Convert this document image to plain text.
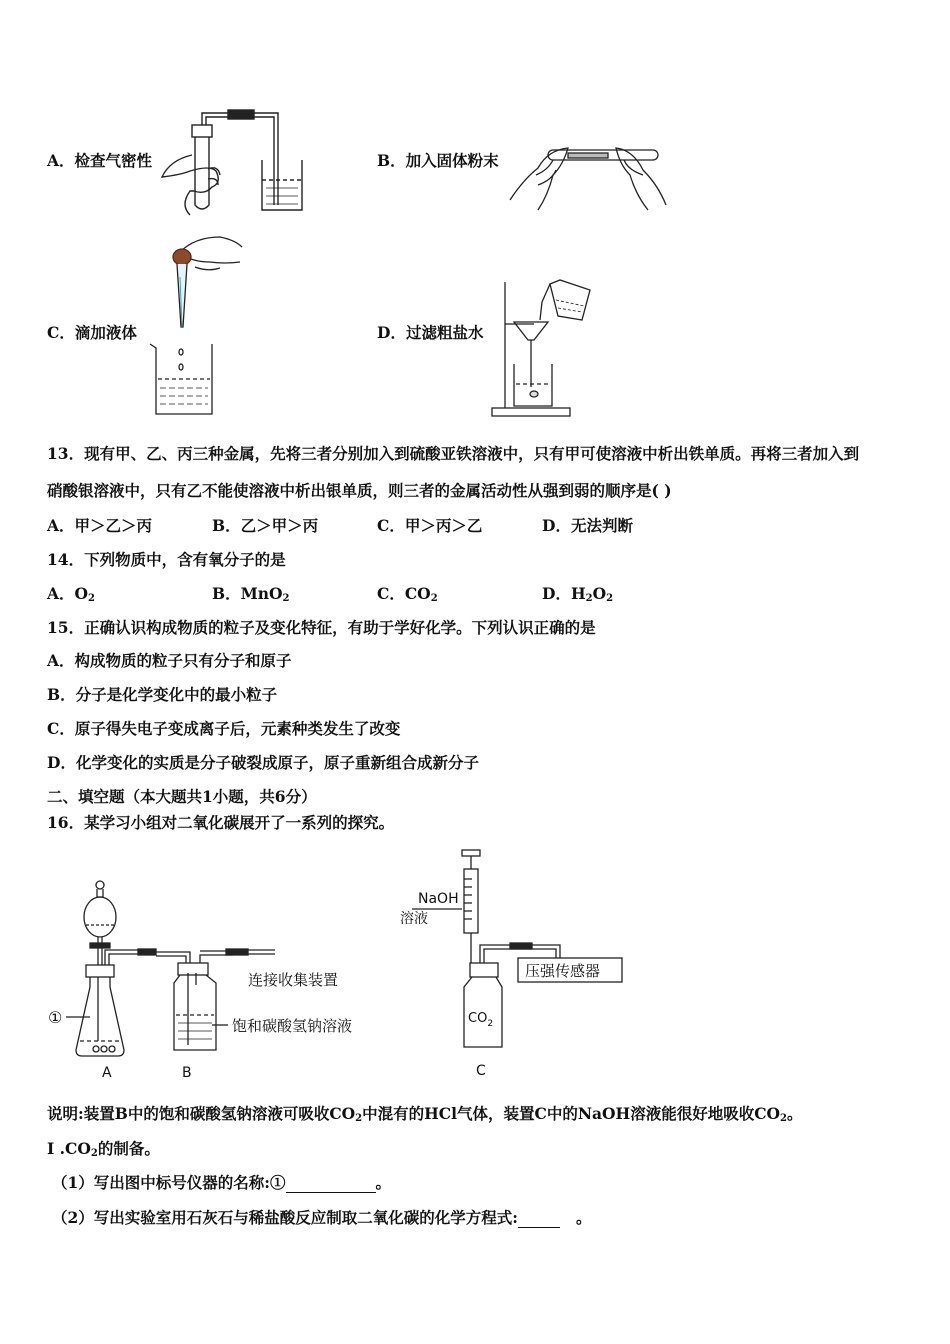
A．检查气密性	B．加入固体粉末
C．滴加液体	D．过滤粗盐水
13．现有甲、乙、丙三种金属，先将三者分别加入到硫酸亚铁溶液中，只有甲可使溶液中析出铁单质。再将三者加入到
硝酸银溶液中，只有乙不能使溶液中析出银单质，则三者的金属活动性从强到弱的顺序是( )
A．甲＞乙＞丙	B．乙＞甲＞丙	C．甲＞丙＞乙	D．无法判断
14．下列物质中，含有氧分子的是
A．$O_2$	B．MnO$_2$	C．$CO_2$	D．$H_2O_2$
15．正确认识构成物质的粒子及变化特征，有助于学好化学。下列认识正确的是
A．构成物质的粒子只有分子和原子
B．分子是化学变化中的最小粒子
C．原子得失电子变成离子后，元素种类发生了改变
D．化学变化的实质是分子破裂成原子，原子重新组合成新分子
二、填空题（本大题共1小题，共6分）
16．某学习小组对二氧化碳展开了一系列的探究。
①
A	B	C
连接收集装置
饱和碳酸氢钠溶液
NaOH
溶液
$CO_2$
压强传感器
说明:装置B中的饱和碳酸氢钠溶液可吸收$CO_2$中混有的HCl气体，装置C中的NaOH溶液能很好地吸收$CO_2$。
I $.CO_2$的制备。
（1）写出图中标号仪器的名称:①	。
（2）写出实验室用石灰石与稀盐酸反应制取二氧化碳的化学方程式:	。
